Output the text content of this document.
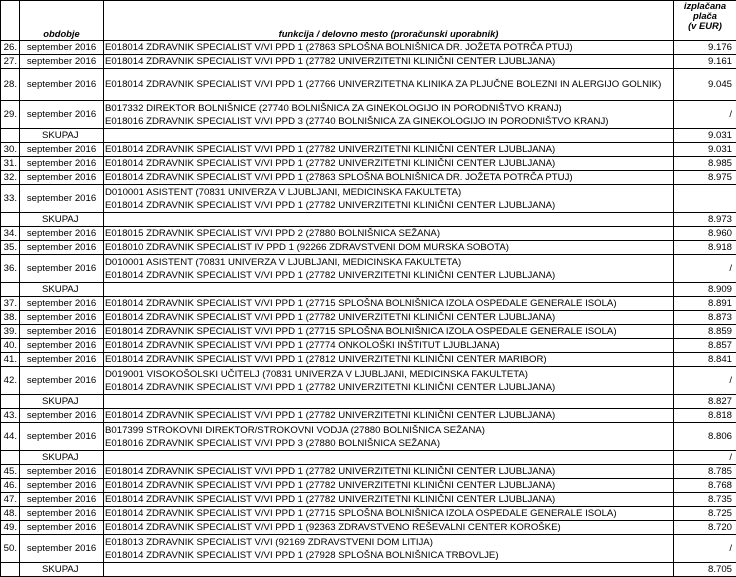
	obdobje	funkcija / delovno mesto (proračunski uporabnik)	izplačana
plača
(v EUR)

26.	september 2016	E018014 ZDRAVNIK SPECIALIST V/VI PPD 1 (27863 SPLOŠNA BOLNIŠNICA DR. JOŽETA POTRČA PTUJ)	9.176
27.	september 2016	E018014 ZDRAVNIK SPECIALIST V/VI PPD 1 (27782 UNIVERZITETNI KLINIČNI CENTER LJUBLJANA)	9.161
28.	september 2016	E018014 ZDRAVNIK SPECIALIST V/VI PPD 1 (27766 UNIVERZITETNA KLINIKA ZA PLJUČNE BOLEZNI IN ALERGIJO GOLNIK)	9.045
29.	september 2016	B017332 DIREKTOR BOLNIŠNICE (27740 BOLNIŠNICA ZA GINEKOLOGIJO IN PORODNIŠTVO KRANJ)
E018016 ZDRAVNIK SPECIALIST V/VI PPD 3 (27740 BOLNIŠNICA ZA GINEKOLOGIJO IN PORODNIŠTVO KRANJ)	/
	SKUPAJ		9.031
30.	september 2016	E018014 ZDRAVNIK SPECIALIST V/VI PPD 1 (27782 UNIVERZITETNI KLINIČNI CENTER LJUBLJANA)	9.031
31.	september 2016	E018014 ZDRAVNIK SPECIALIST V/VI PPD 1 (27782 UNIVERZITETNI KLINIČNI CENTER LJUBLJANA)	8.985
32.	september 2016	E018014 ZDRAVNIK SPECIALIST V/VI PPD 1 (27863 SPLOŠNA BOLNIŠNICA DR. JOŽETA POTRČA PTUJ)	8.975
33.	september 2016	D010001 ASISTENT (70831 UNIVERZA V LJUBLJANI, MEDICINSKA FAKULTETA)
E018014 ZDRAVNIK SPECIALIST V/VI PPD 1 (27782 UNIVERZITETNI KLINIČNI CENTER LJUBLJANA)	

	SKUPAJ		8.973
34.	september 2016	E018015 ZDRAVNIK SPECIALIST V/VI PPD 2 (27880 BOLNIŠNICA SEŽANA)	8.960
35.	september 2016	E018010 ZDRAVNIK SPECIALIST IV PPD 1 (92266 ZDRAVSTVENI DOM MURSKA SOBOTA)	8.918
36.	september 2016	D010001 ASISTENT (70831 UNIVERZA V LJUBLJANI, MEDICINSKA FAKULTETA)
E018014 ZDRAVNIK SPECIALIST V/VI PPD 1 (27782 UNIVERZITETNI KLINIČNI CENTER LJUBLJANA)	/
	SKUPAJ		8.909
37.	september 2016	E018014 ZDRAVNIK SPECIALIST V/VI PPD 1 (27715 SPLOŠNA BOLNIŠNICA IZOLA OSPEDALE GENERALE ISOLA)	8.891
38.	september 2016	E018014 ZDRAVNIK SPECIALIST V/VI PPD 1 (27782 UNIVERZITETNI KLINIČNI CENTER LJUBLJANA)	8.873
39.	september 2016	E018014 ZDRAVNIK SPECIALIST V/VI PPD 1 (27715 SPLOŠNA BOLNIŠNICA IZOLA OSPEDALE GENERALE ISOLA)	8.859
40.	september 2016	E018014 ZDRAVNIK SPECIALIST V/VI PPD 1 (27774 ONKOLOŠKI INŠTITUT LJUBLJANA)	8.857
41.	september 2016	E018014 ZDRAVNIK SPECIALIST V/VI PPD 1 (27812 UNIVERZITETNI KLINIČNI CENTER MARIBOR)	8.841
42.	september 2016	D019001 VISOKOŠOLSKI UČITELJ (70831 UNIVERZA V LJUBLJANI, MEDICINSKA FAKULTETA)
E018014 ZDRAVNIK SPECIALIST V/VI PPD 1 (27782 UNIVERZITETNI KLINIČNI CENTER LJUBLJANA)	/
	SKUPAJ		8.827
43.	september 2016	E018014 ZDRAVNIK SPECIALIST V/VI PPD 1 (27782 UNIVERZITETNI KLINIČNI CENTER LJUBLJANA)	8.818
44.	september 2016	B017399 STROKOVNI DIREKTOR/STROKOVNI VODJA (27880 BOLNIŠNICA SEŽANA)
E018016 ZDRAVNIK SPECIALIST V/VI PPD 3 (27880 BOLNIŠNICA SEŽANA)	8.806
	SKUPAJ		/
45.	september 2016	E018014 ZDRAVNIK SPECIALIST V/VI PPD 1 (27782 UNIVERZITETNI KLINIČNI CENTER LJUBLJANA)	8.785
46.	september 2016	E018014 ZDRAVNIK SPECIALIST V/VI PPD 1 (27782 UNIVERZITETNI KLINIČNI CENTER LJUBLJANA)	8.768
47.	september 2016	E018014 ZDRAVNIK SPECIALIST V/VI PPD 1 (27782 UNIVERZITETNI KLINIČNI CENTER LJUBLJANA)	8.735
48.	september 2016	E018014 ZDRAVNIK SPECIALIST V/VI PPD 1 (27715 SPLOŠNA BOLNIŠNICA IZOLA OSPEDALE GENERALE ISOLA)	8.725
49.	september 2016	E018014 ZDRAVNIK SPECIALIST V/VI PPD 1 (92363 ZDRAVSTVENO REŠEVALNI CENTER KOROŠKE)	8.720
50.	september 2016	E018013 ZDRAVNIK SPECIALIST V/VI (92169 ZDRAVSTVENI DOM LITIJA)
E018014 ZDRAVNIK SPECIALIST V/VI PPD 1 (27928 SPLOŠNA BOLNIŠNICA TRBOVLJE)	/
	SKUPAJ		8.705
